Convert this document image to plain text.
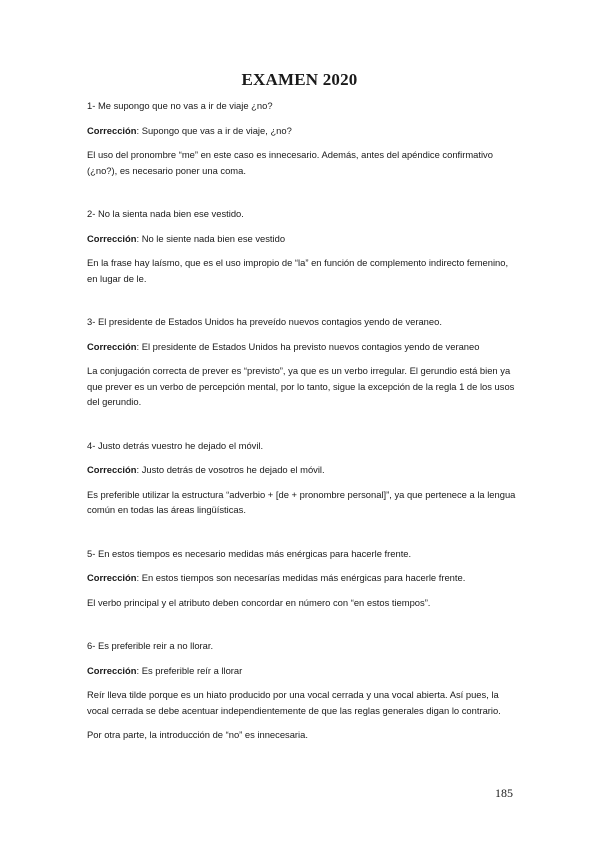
EXAMEN 2020

1- Me supongo que no vas a ir de viaje ¿no?

Corrección: Supongo que vas a ir de viaje, ¿no?

El uso del pronombre “me” en este caso es innecesario. Además, antes del apéndice confirmativo (¿no?), es necesario poner una coma.

2- No la sienta nada bien ese vestido.

Corrección: No le siente nada bien ese vestido

En la frase hay laísmo, que es el uso impropio de “la” en función de complemento indirecto femenino, en lugar de le.

3- El presidente de Estados Unidos ha preveído nuevos contagios yendo de veraneo.

Corrección: El presidente de Estados Unidos ha previsto nuevos contagios yendo de veraneo

La conjugación correcta de prever es “previsto”, ya que es un verbo irregular. El gerundio está bien ya que prever es un verbo de percepción mental, por lo tanto, sigue la excepción de la regla 1 de los usos del gerundio.

4- Justo detrás vuestro he dejado el móvil.

Corrección: Justo detrás de vosotros he dejado el móvil.

Es preferible utilizar la estructura “adverbio + [de + pronombre personal]”, ya que pertenece a la lengua común en todas las áreas lingüísticas.

5- En estos tiempos es necesario medidas más enérgicas para hacerle frente.

Corrección: En estos tiempos son necesarías medidas más enérgicas para hacerle frente.

El verbo principal y el atributo deben concordar en número con “en estos tiempos”.

6- Es preferible reir a no llorar.

Corrección: Es preferible reír a llorar

Reír lleva tilde porque es un hiato producido por una vocal cerrada y una vocal abierta. Así pues, la vocal cerrada se debe acentuar independientemente de que las reglas generales digan lo contrario.

Por otra parte, la introducción de “no” es innecesaria.

185
